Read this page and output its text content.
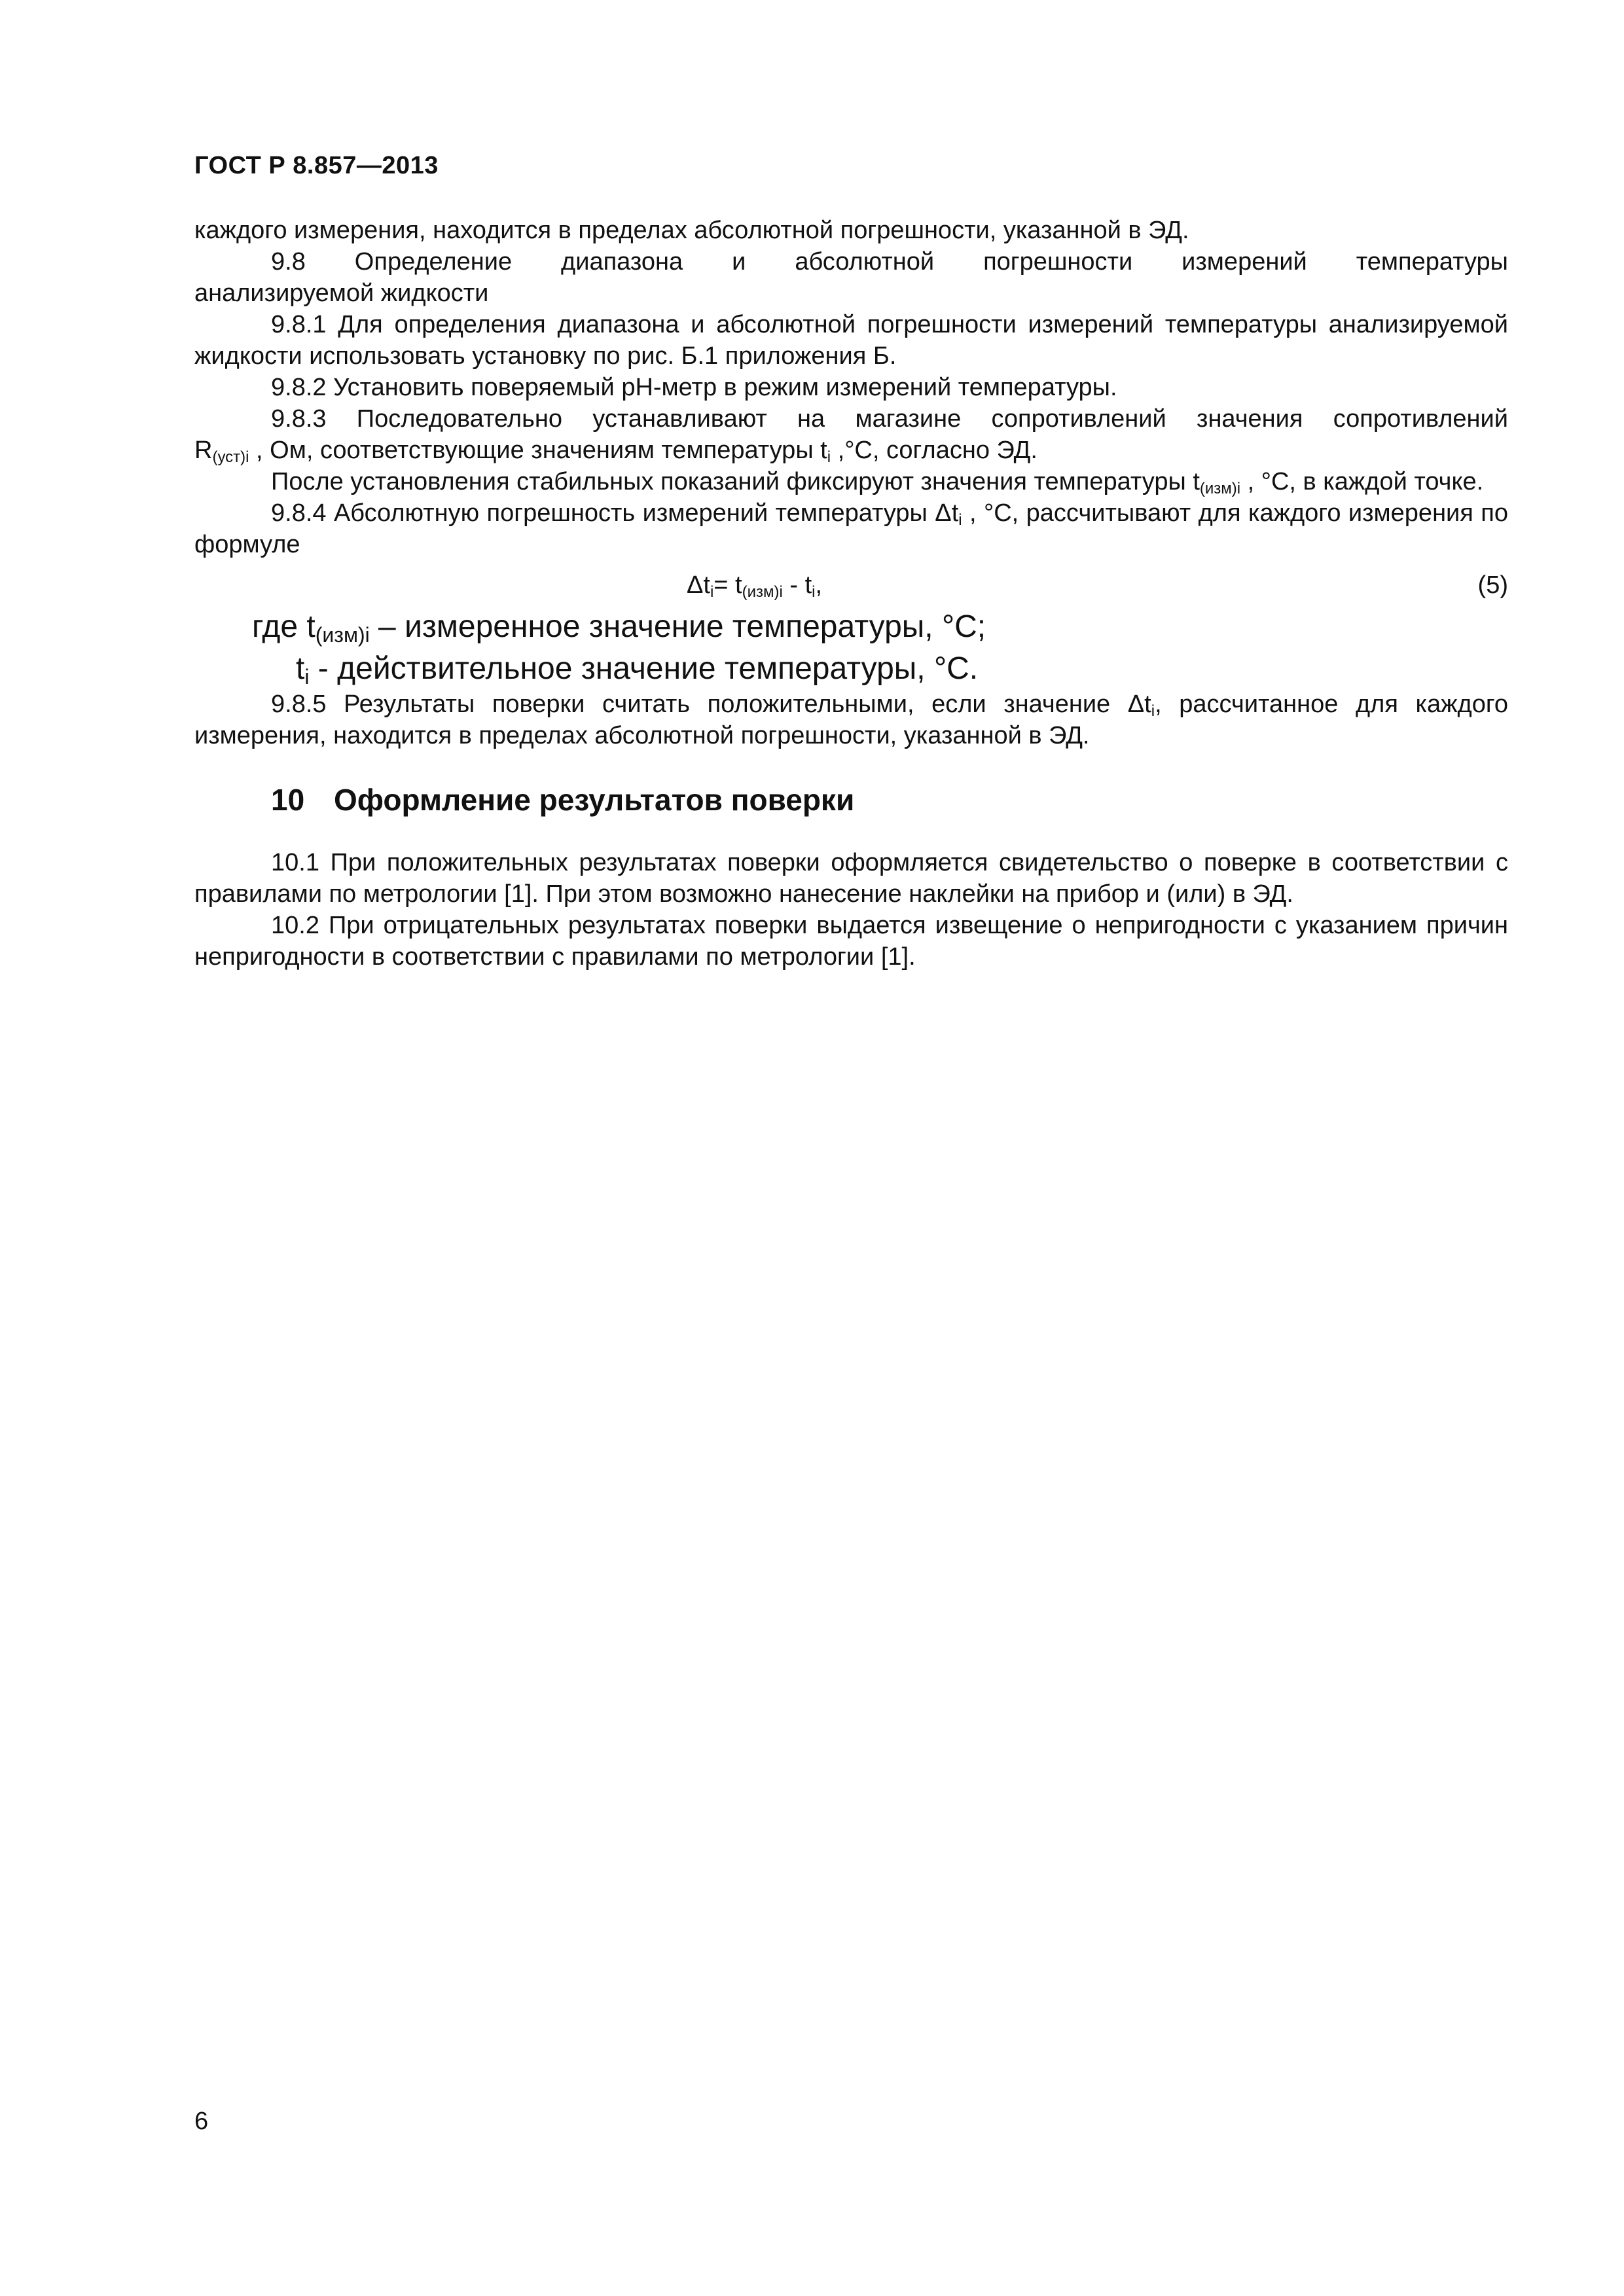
ГОСТ Р 8.857—2013

каждого измерения, находится в пределах абсолютной погрешности, указанной в ЭД.

9.8 Определение диапазона и абсолютной погрешности измерений температуры

анализируемой жидкости

9.8.1 Для определения диапазона и абсолютной погрешности измерений температуры анализируемой жидкости использовать установку по рис. Б.1 приложения Б.

9.8.2 Установить поверяемый pH-метр в режим измерений температуры.

9.8.3 Последовательно устанавливают на магазине сопротивлений значения сопротивлений

$R_{(уст)i}$ , Ом, соответствующие значениям температуры $t_i$ ,°С, согласно ЭД.

После установления стабильных показаний фиксируют значения температуры $t_{(изм)i}$ , °С, в каждой точке.

9.8.4 Абсолютную погрешность измерений температуры $\Delta t_i$ , °С, рассчитывают для каждого измерения по формуле

$\Delta t_i= t_{(изм)i} - t_i$,	(5)

где $t_{(изм)i}$ – измеренное значение температуры, °С;

$t_i$ - действительное значение температуры, °С.

9.8.5 Результаты поверки считать положительными, если значение $\Delta t_i$, рассчитанное для каждого измерения, находится в пределах абсолютной погрешности, указанной в ЭД.

10 Оформление результатов поверки

10.1 При положительных результатах поверки оформляется свидетельство о поверке в соответствии с правилами по метрологии [1]. При этом возможно нанесение наклейки на прибор и (или) в ЭД.

10.2 При отрицательных результатах поверки выдается извещение о непригодности с указанием причин непригодности в соответствии с правилами по метрологии [1].

6
